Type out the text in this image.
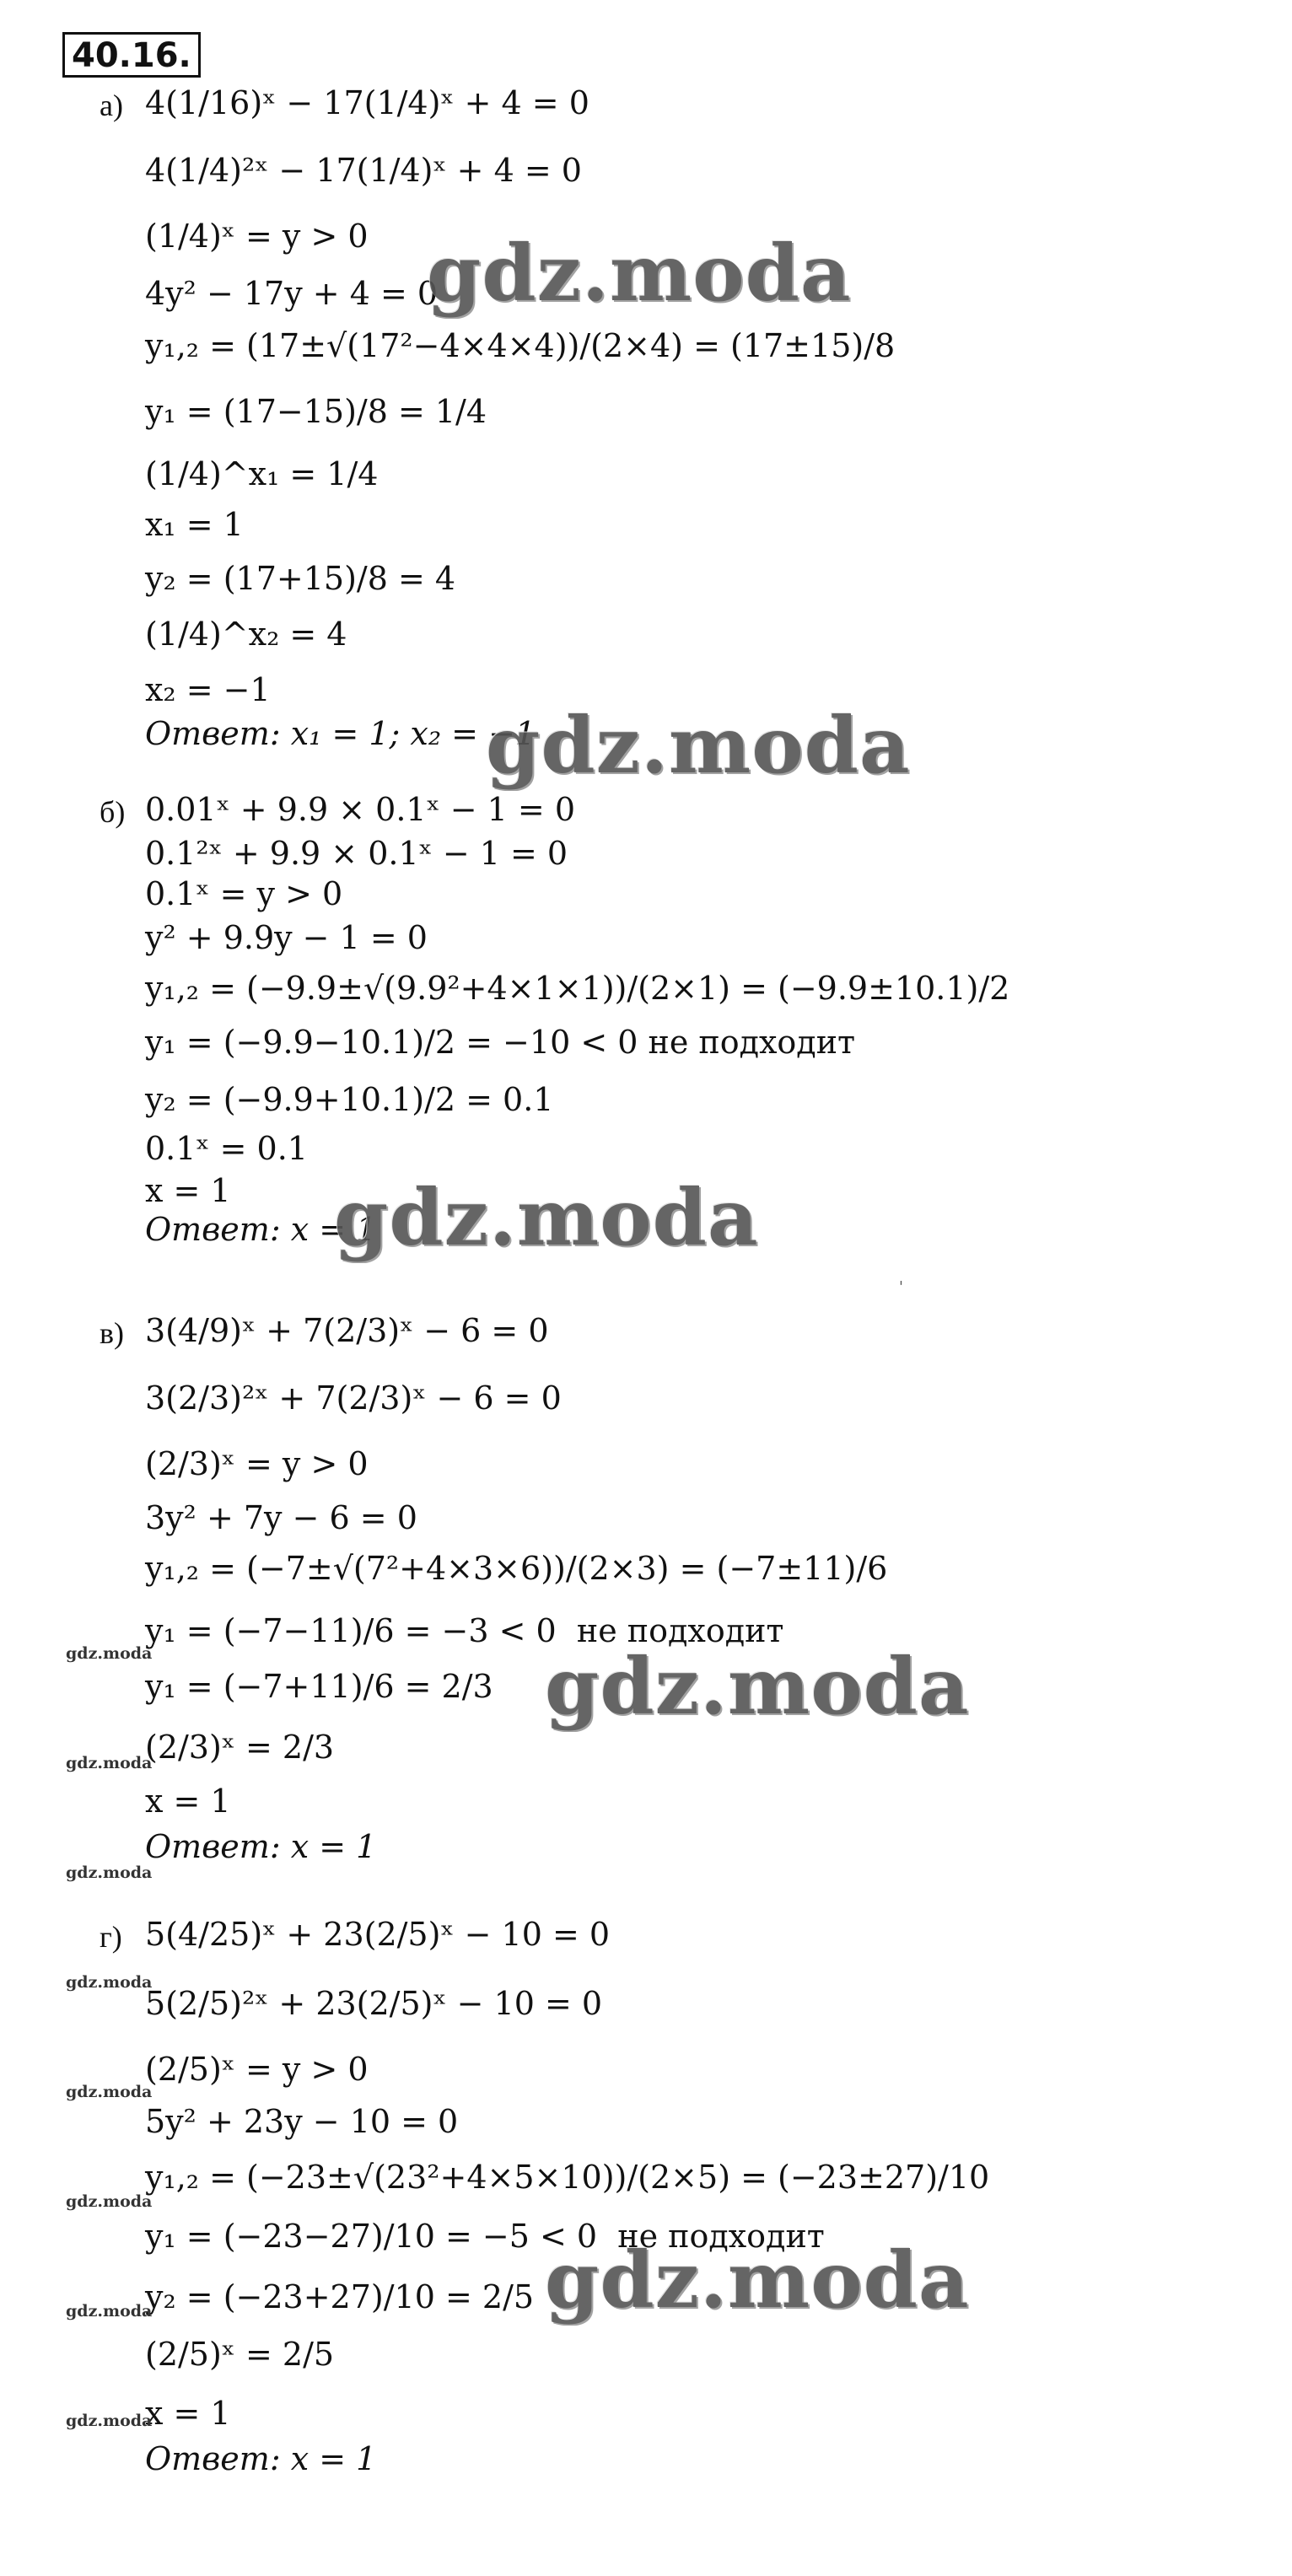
40.16.
а) 4(1/16)ˣ − 17(1/4)ˣ + 4 = 0
4(1/4)²ˣ − 17(1/4)ˣ + 4 = 0
(1/4)ˣ = y > 0
4y² − 17y + 4 = 0
y₁,₂ = (17±√(17²−4×4×4))/(2×4) = (17±15)/8
y₁ = (17−15)/8 = 1/4
(1/4)^x₁ = 1/4
x₁ = 1
y₂ = (17+15)/8 = 4
(1/4)^x₂ = 4
x₂ = −1
Ответ: x₁ = 1; x₂ = −1
б) 0.01ˣ + 9.9 × 0.1ˣ − 1 = 0
0.1²ˣ + 9.9 × 0.1ˣ − 1 = 0
0.1ˣ = y > 0
y² + 9.9y − 1 = 0
y₁,₂ = (−9.9±√(9.9²+4×1×1))/(2×1) = (−9.9±10.1)/2
y₁ = (−9.9−10.1)/2 = −10 < 0 не подходит
y₂ = (−9.9+10.1)/2 = 0.1
0.1ˣ = 0.1
x = 1
Ответ: x = 1
'
в) 3(4/9)ˣ + 7(2/3)ˣ − 6 = 0
3(2/3)²ˣ + 7(2/3)ˣ − 6 = 0
(2/3)ˣ = y > 0
3y² + 7y − 6 = 0
y₁,₂ = (−7±√(7²+4×3×6))/(2×3) = (−7±11)/6
y₁ = (−7−11)/6 = −3 < 0  не подходит
y₁ = (−7+11)/6 = 2/3
(2/3)ˣ = 2/3
x = 1
Ответ: x = 1
г) 5(4/25)ˣ + 23(2/5)ˣ − 10 = 0
5(2/5)²ˣ + 23(2/5)ˣ − 10 = 0
(2/5)ˣ = y > 0
5y² + 23y − 10 = 0
y₁,₂ = (−23±√(23²+4×5×10))/(2×5) = (−23±27)/10
y₁ = (−23−27)/10 = −5 < 0  не подходит
y₂ = (−23+27)/10 = 2/5
(2/5)ˣ = 2/5
x = 1
Ответ: x = 1
gdz.moda
gdz.moda
gdz.moda
gdz.moda
gdz.moda
gdz.moda
gdz.moda
gdz.moda
gdz.moda
gdz.moda
gdz.moda
gdz.moda
gdz.moda
